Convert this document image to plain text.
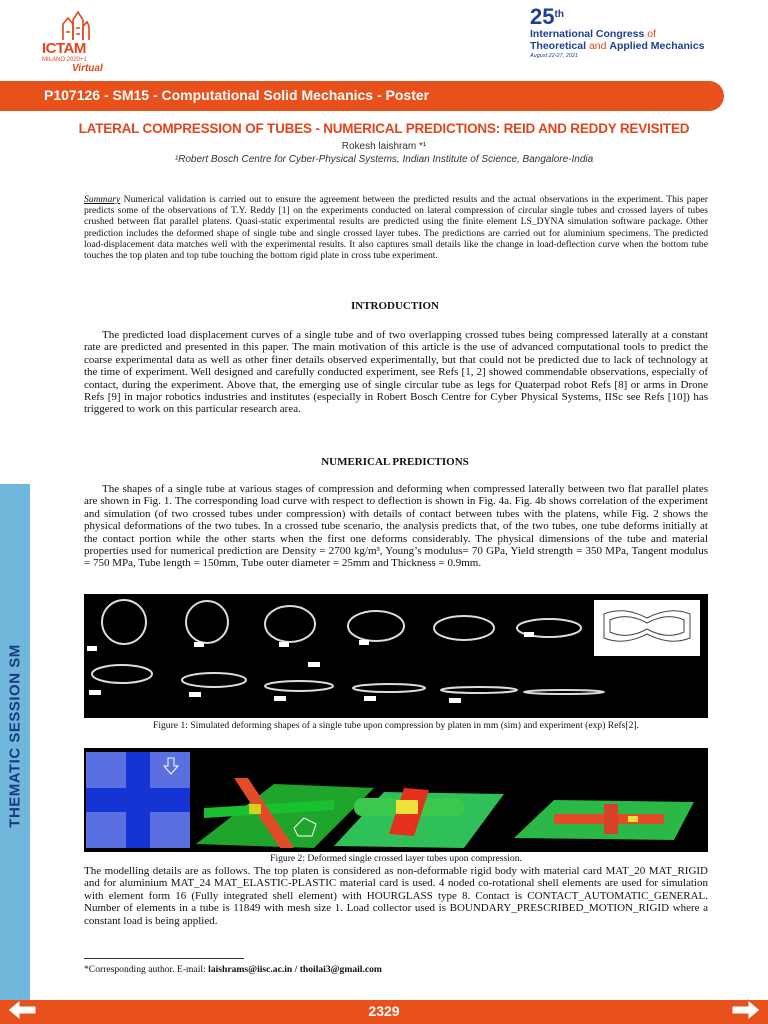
ICTAM
MILANO 2020+1
Virtual
25th
International Congress of
Theoretical and Applied Mechanics
August 22-27, 2021
P107126 - SM15 - Computational Solid Mechanics - Poster
LATERAL COMPRESSION OF TUBES - NUMERICAL PREDICTIONS: REID AND REDDY REVISITED
Rokesh laishram *¹
¹Robert Bosch Centre for Cyber-Physical Systems, Indian Institute of Science, Bangalore-India
Summary Numerical validation is carried out to ensure the agreement between the predicted results and the actual observations in the experiment. This paper predicts some of the observations of T.Y. Reddy [1] on the experiments conducted on lateral compression of circular single tubes and crossed layers of tubes crushed between flat parallel platens. Quasi-static experimental results are predicted using the finite element LS_DYNA simulation software package. Other prediction includes the deformed shape of single tube and single crossed layer tubes. The predictions are carried out for aluminium specimens. The predicted load-displacement data matches well with the experimental results. It also captures small details like the change in load-deflection curve when the bottom tube touches the top platen and top tube touching the bottom rigid plate in cross tube experiment.
INTRODUCTION

The predicted load displacement curves of a single tube and of two overlapping crossed tubes being compressed laterally at a constant rate are predicted and presented in this paper. The main motivation of this article is the use of advanced computational tools to predict the coarse experimental data as well as other finer details observed experimentally, but that could not be predicted due to lack of technology at the time of experiment. Well designed and carefully conducted experiment, see Refs [1, 2] showed commendable observations, especially of contact, during the experiment. Above that, the emerging use of single circular tube as legs for Quaterpad robot Refs [8] or arms in Drone Refs [9] in major robotics industries and institutes (especially in Robert Bosch Centre for Cyber Physical Systems, IISc see Refs [10]) has triggered to work on this particular research area.

NUMERICAL PREDICTIONS

The shapes of a single tube at various stages of compression and deforming when compressed laterally between two flat parallel plates are shown in Fig. 1. The corresponding load curve with respect to deflection is shown in Fig. 4a. Fig. 4b shows correlation of the experiment and simulation (of two crossed tubes under compression) with details of contact between tubes with the platens, while Fig. 2 shows the physical deformations of the two tubes. In a crossed tube scenario, the analysis predicts that, of the two tubes, one tube deforms initially at the contact portion while the other starts when the first one deforms considerably. The physical dimensions of the tube and material properties used for numerical prediction are Density = 2700 kg/m³, Young’s modulus= 70 GPa, Yield strength = 350 MPa, Tangent modulus = 750 MPa, Tube length = 150mm, Tube outer diameter = 25mm and Thickness = 0.9mm.

Figure 1: Simulated deforming shapes of a single tube upon compression by platen in mm (sim) and experiment (exp) Refs[2].
Figure 2: Deformed single crossed layer tubes upon compression.
The modelling details are as follows. The top platen is considered as non-deformable rigid body with material card MAT_20 MAT_RIGID and for aluminium MAT_24 MAT_ELASTIC-PLASTIC material card is used. 4 noded co-rotational shell elements are used for simulation with element form 16 (Fully integrated shell element) with HOURGLASS type 8. Contact is CONTACT_AUTOMATIC_GENERAL. Number of elements in a tube is 11849 with mesh size 1. Load collector used is BOUNDARY_PRESCRIBED_MOTION_RIGID where a constant load is being applied.
*Corresponding author. E-mail: laishrams@iisc.ac.in / thoilai3@gmail.com
THEMATIC SESSION SM
2329
